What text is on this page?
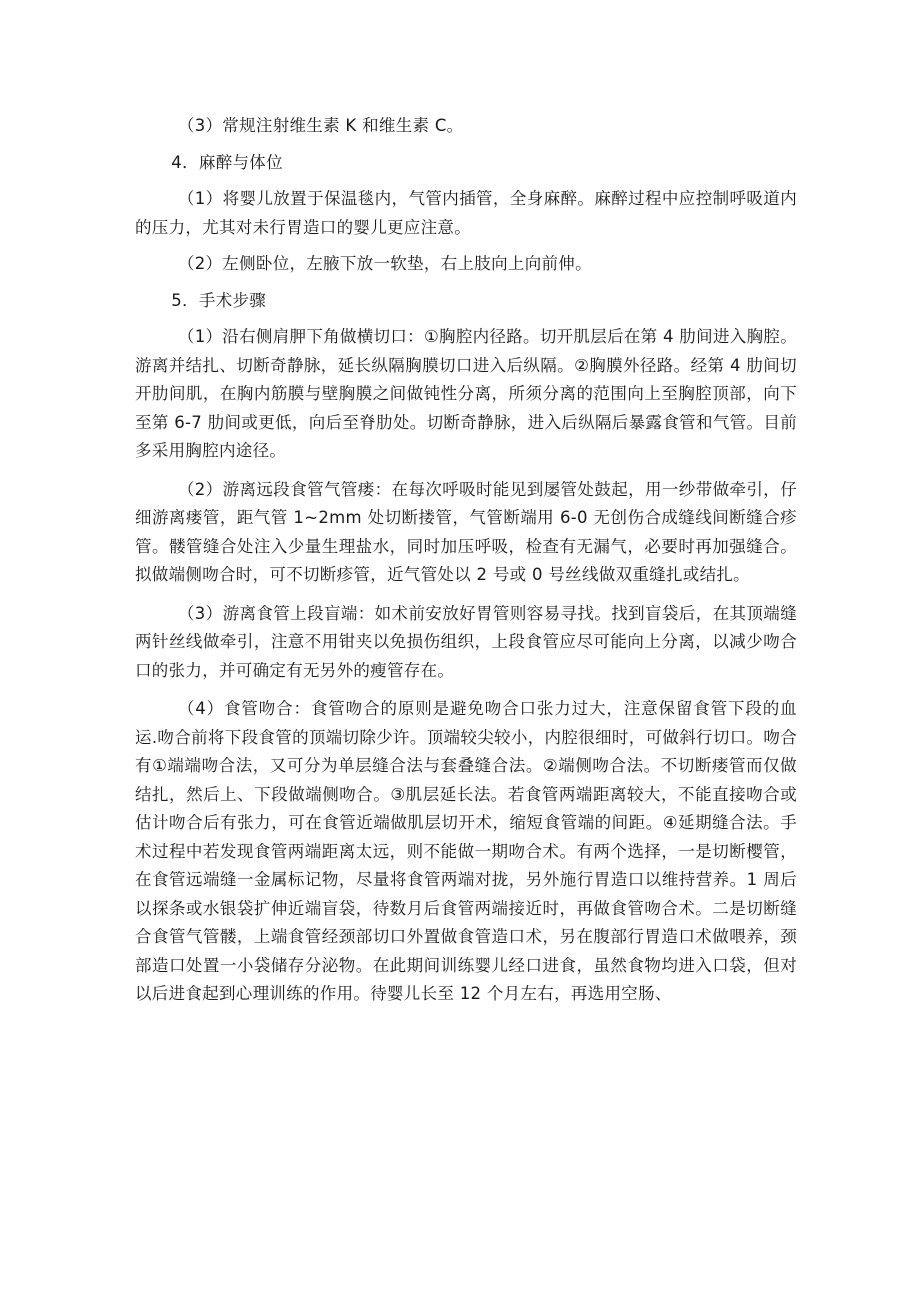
（3）常规注射维生素 K 和维生素 C。

4．麻醉与体位

（1）将婴儿放置于保温毯内，气管内插管，全身麻醉。麻醉过程中应控制呼吸道内的压力，尤其对未行胃造口的婴儿更应注意。

（2）左侧卧位，左腋下放一软垫，右上肢向上向前伸。

5．手术步骤

（1）沿右侧肩胛下角做横切口：①胸腔内径路。切开肌层后在第 4 肋间进入胸腔。游离并结扎、切断奇静脉，延长纵隔胸膜切口进入后纵隔。②胸膜外径路。经第 4 肋间切开肋间肌，在胸内筋膜与壁胸膜之间做钝性分离，所须分离的范围向上至胸腔顶部，向下至第 6-7 肋间或更低，向后至脊肋处。切断奇静脉，进入后纵隔后暴露食管和气管。目前多采用胸腔内途径。

（2）游离远段食管气管瘘：在每次呼吸时能见到屡管处鼓起，用一纱带做牵引，仔细游离瘘管，距气管 1~2mm 处切断搂管，气管断端用 6-0 无创伤合成缝线间断缝合疹管。髅管缝合处注入少量生理盐水，同时加压呼吸，检查有无漏气，必要时再加强缝合。拟做端侧吻合时，可不切断疹管，近气管处以 2 号或 0 号丝线做双重缝扎或结扎。

（3）游离食管上段盲端：如术前安放好胃管则容易寻找。找到盲袋后，在其顶端缝两针丝线做牵引，注意不用钳夹以免损伤组织，上段食管应尽可能向上分离，以减少吻合口的张力，并可确定有无另外的瘦管存在。

（4）食管吻合：食管吻合的原则是避免吻合口张力过大，注意保留食管下段的血运.吻合前将下段食管的顶端切除少许。顶端较尖较小，内腔很细时，可做斜行切口。吻合有①端端吻合法，又可分为单层缝合法与套叠缝合法。②端侧吻合法。不切断瘘管而仅做结扎，然后上、下段做端侧吻合。③肌层延长法。若食管两端距离较大，不能直接吻合或估计吻合后有张力，可在食管近端做肌层切开术，缩短食管端的间距。④延期缝合法。手术过程中若发现食管两端距离太远，则不能做一期吻合术。有两个选择，一是切断樱管，在食管远端缝一金属标记物，尽量将食管两端对拢，另外施行胃造口以维持营养。1 周后以探条或水银袋扩伸近端盲袋，待数月后食管两端接近时，再做食管吻合术。二是切断缝合食管气管髅，上端食管经颈部切口外置做食管造口术，另在腹部行胃造口术做喂养，颈部造口处置一小袋储存分泌物。在此期间训练婴儿经口进食，虽然食物均进入口袋，但对以后进食起到心理训练的作用。待婴儿长至 12 个月左右，再选用空肠、
